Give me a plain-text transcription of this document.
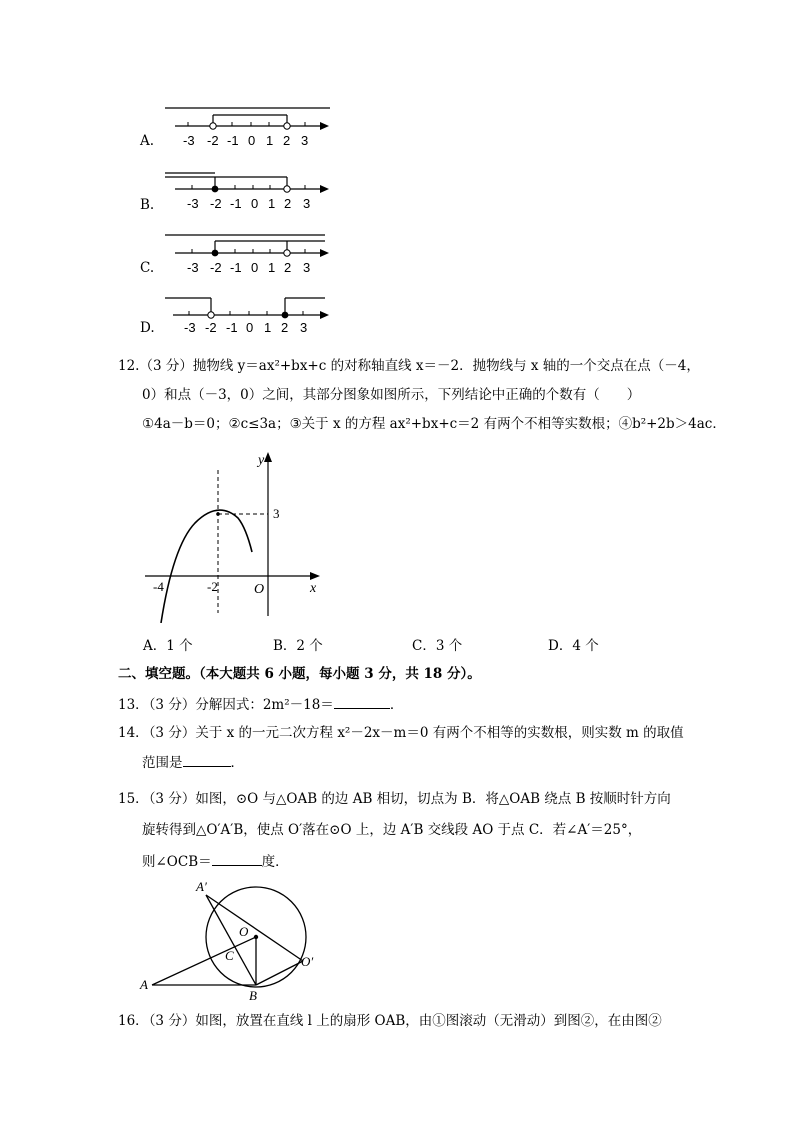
A. -3 -2 -1 0 1 2 3
B.	-3 -2 -1 0 1 2 3
C.	-3 -2 -1 0 1 2 3
D. -3 -2 -1 0 1 2 3
12.（3 分）抛物线 y＝ax²+bx+c 的对称轴直线 x＝－2．抛物线与 x 轴的一个交点在点（－4，
0）和点（－3，0）之间，其部分图象如图所示，下列结论中正确的个数有（　　）
①4a－b＝0；②c≤3a；③关于 x 的方程 ax²+bx+c＝2 有两个不相等实数根；④b²+2b＞4ac．
y
x
3
O
-4	-2
A．1 个	B．2 个	C．3 个	D．4 个
二、填空题。（本大题共 6 小题，每小题 3 分，共 18 分）。
13．（3 分）分解因式：2m²－18＝	．
14．（3 分）关于 x 的一元二次方程 x²－2x－m＝0 有两个不相等的实数根，则实数 m 的取值
范围是	．
15．（3 分）如图，⊙O 与△OAB 的边 AB 相切，切点为 B．将△OAB 绕点 B 按顺时针方向
旋转得到△O′A′B，使点 O′落在⊙O 上，边 A′B 交线段 AO 于点 C．若∠A′＝25°，
则∠OCB＝	度．
A′
O
C	O′
A
B
16．（3 分）如图，放置在直线 l 上的扇形 OAB，由①图滚动（无滑动）到图②，在由图②
